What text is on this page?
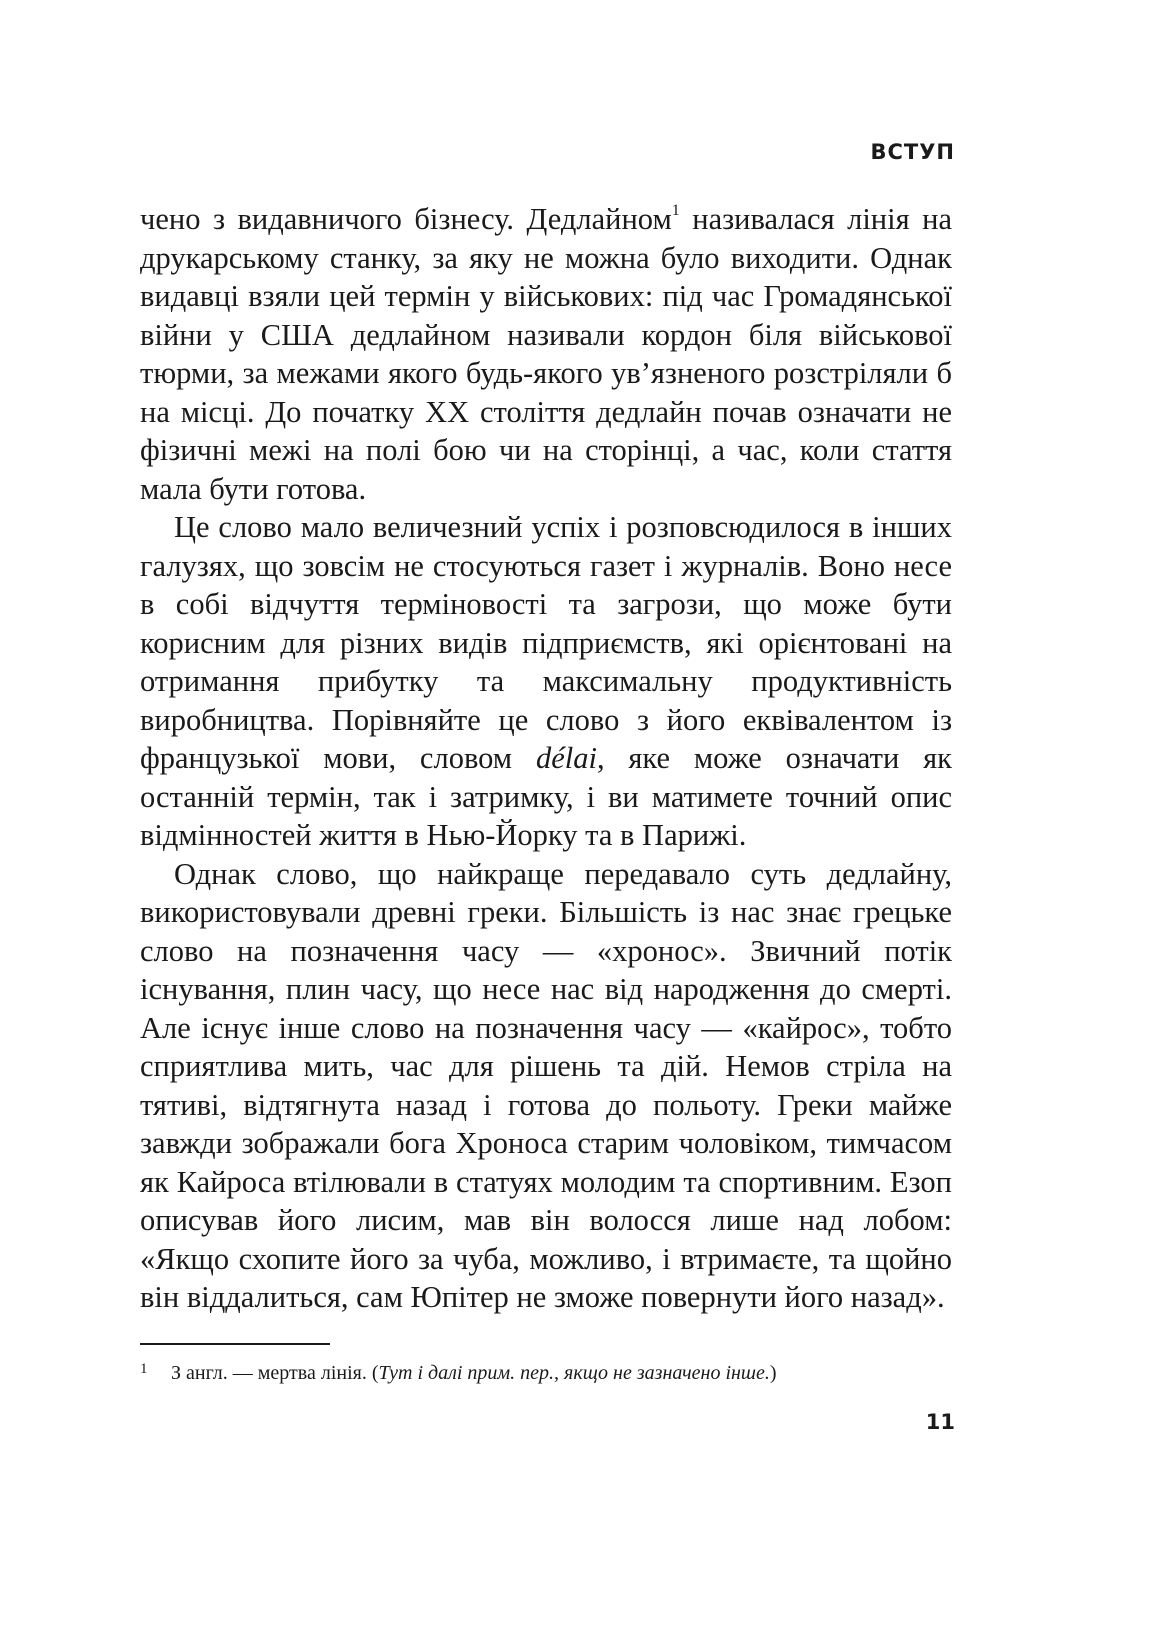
ВСТУП

чено з видавничого бізнесу. Дедлайном$^1$ називалася лінія на друкарському станку, за яку не можна було виходити. Однак видавці взяли цей термін у військових: під час Громадянської війни у США дедлайном називали кордон біля військової тюрми, за межами якого будь-якого ув’язненого розстріляли б на місці. До початку XX століття дедлайн почав означати не фізичні межі на полі бою чи на сторінці, а час, коли стаття мала бути готова.

Це слово мало величезний успіх і розповсюдилося в інших галузях, що зовсім не стосуються газет і журналів. Воно несе в собі відчуття терміновості та загрози, що може бути корисним для різних видів підприємств, які орієнтовані на отримання прибутку та максимальну продуктивність виробництва. Порівняйте це слово з його еквівалентом із французької мови, словом délai, яке може означати як останній термін, так і затримку, і ви матимете точний опис відмінностей життя в Нью-Йорку та в Парижі.

Однак слово, що найкраще передавало суть дедлайну, використовували древні греки. Більшість із нас знає грецьке слово на позначення часу — «хронос». Звичний потік існування, плин часу, що несе нас від народження до смерті. Але існує інше слово на позначення часу — «кайрос», тобто сприятлива мить, час для рішень та дій. Немов стріла на тятиві, відтягнута назад і готова до польоту. Греки майже завжди зображали бога Хроноса старим чоловіком, тимчасом як Кайроса втілювали в статуях молодим та спортивним. Езоп описував його лисим, мав він волосся лише над лобом: «Якщо схопите його за чуба, можливо, і втримаєте, та щойно він віддалиться, сам Юпітер не зможе повернути його назад».

1 З англ. — мертва лінія. (Тут і далі прим. пер., якщо не зазначено інше.)
11
